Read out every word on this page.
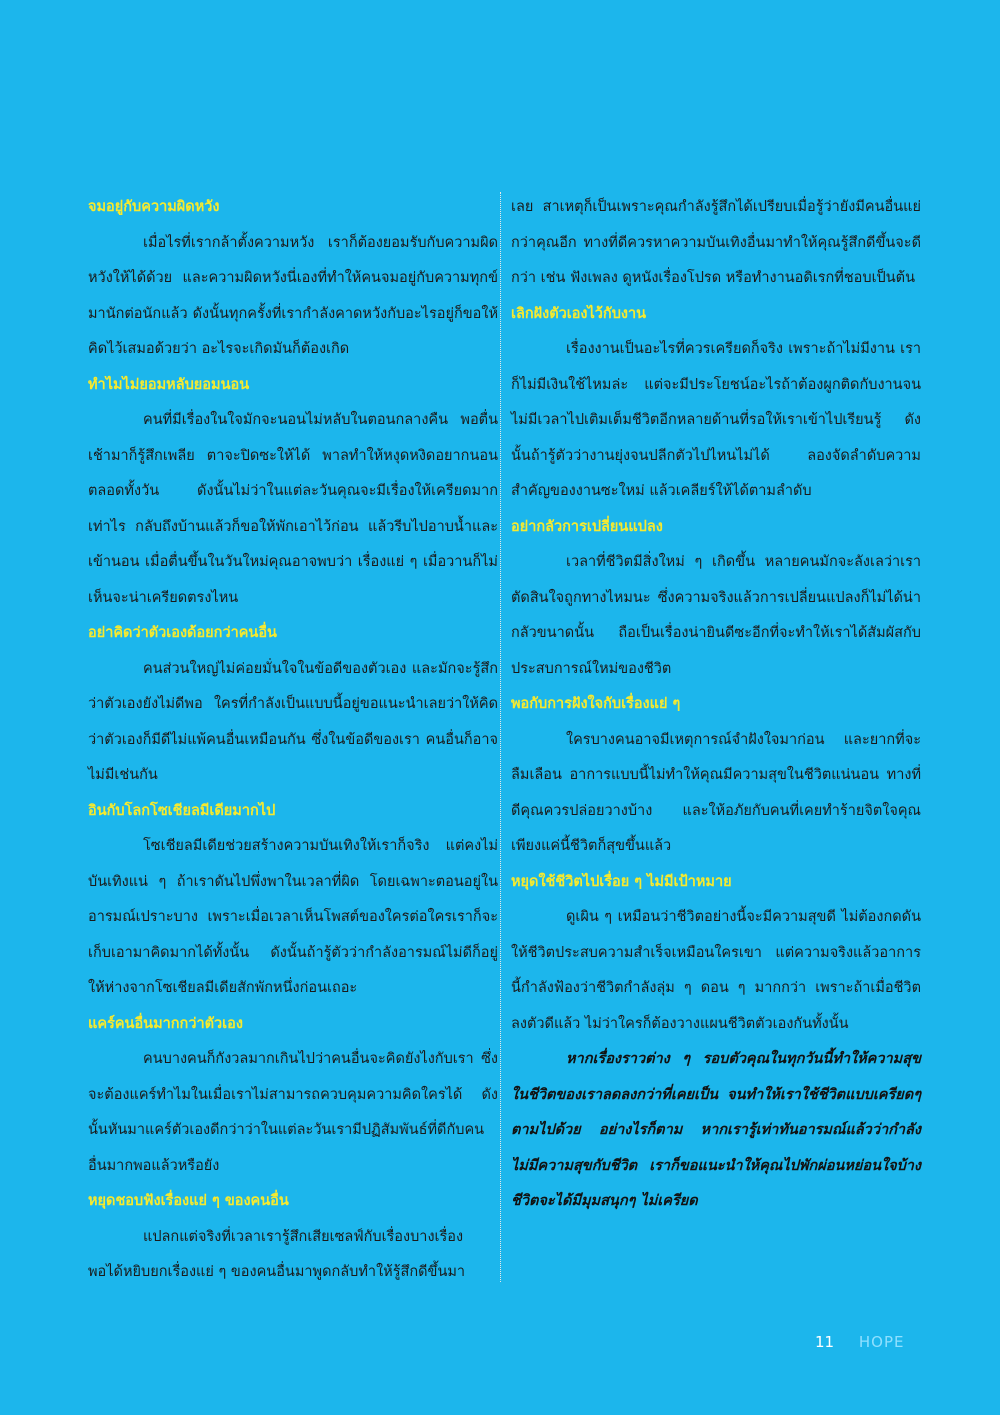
จมอยู่กับความผิดหวัง

เมื่อไรที่เรากล้าตั้งความหวัง เราก็ต้องยอมรับกับความผิดหวังให้ได้ด้วย และความผิดหวังนี่เองที่ทำให้คนจมอยู่กับความทุกข์มานักต่อนักแล้ว ดังนั้นทุกครั้งที่เรากำลังคาดหวังกับอะไรอยู่ก็ขอให้คิดไว้เสมอด้วยว่า อะไรจะเกิดมันก็ต้องเกิด

ทำไมไม่ยอมหลับยอมนอน

คนที่มีเรื่องในใจมักจะนอนไม่หลับในตอนกลางคืน พอตื่นเช้ามาก็รู้สึกเพลีย ตาจะปิดซะให้ได้ พาลทำให้หงุดหงิดอยากนอนตลอดทั้งวัน ดังนั้นไม่ว่าในแต่ละวันคุณจะมีเรื่องให้เครียดมากเท่าไร กลับถึงบ้านแล้วก็ขอให้พักเอาไว้ก่อน แล้วรีบไปอาบน้ำและเข้านอน เมื่อตื่นขึ้นในวันใหม่คุณอาจพบว่า เรื่องแย่ ๆ เมื่อวานก็ไม่เห็นจะน่าเครียดตรงไหน

อย่าคิดว่าตัวเองด้อยกว่าคนอื่น

คนส่วนใหญ่ไม่ค่อยมั่นใจในข้อดีของตัวเอง และมักจะรู้สึกว่าตัวเองยังไม่ดีพอ ใครที่กำลังเป็นแบบนี้อยู่ขอแนะนำเลยว่าให้คิดว่าตัวเองก็มีดีไม่แพ้คนอื่นเหมือนกัน ซึ่งในข้อดีของเรา คนอื่นก็อาจไม่มีเช่นกัน

อินกับโลกโซเชียลมีเดียมากไป

โซเชียลมีเดียช่วยสร้างความบันเทิงให้เราก็จริง แต่คงไม่บันเทิงแน่ ๆ ถ้าเราดันไปพึ่งพาในเวลาที่ผิด โดยเฉพาะตอนอยู่ในอารมณ์เปราะบาง เพราะเมื่อเวลาเห็นโพสต์ของใครต่อใครเราก็จะเก็บเอามาคิดมากได้ทั้งนั้น ดังนั้นถ้ารู้ตัวว่ากำลังอารมณ์ไม่ดีก็อยู่ให้ห่างจากโซเชียลมีเดียสักพักหนึ่งก่อนเถอะ

แคร์คนอื่นมากกว่าตัวเอง

คนบางคนก็กังวลมากเกินไปว่าคนอื่นจะคิดยังไงกับเรา ซึ่งจะต้องแคร์ทำไมในเมื่อเราไม่สามารถควบคุมความคิดใครได้ ดังนั้นหันมาแคร์ตัวเองดีกว่าว่าในแต่ละวันเรามีปฏิสัมพันธ์ที่ดีกับคนอื่นมากพอแล้วหรือยัง

หยุดชอบฟังเรื่องแย่ ๆ ของคนอื่น

แปลกแต่จริงที่เวลาเรารู้สึกเสียเซลฟ์กับเรื่องบางเรื่องพอได้หยิบยกเรื่องแย่ ๆ ของคนอื่นมาพูดกลับทำให้รู้สึกดีขึ้นมา

เลย สาเหตุก็เป็นเพราะคุณกำลังรู้สึกได้เปรียบเมื่อรู้ว่ายังมีคนอื่นแย่กว่าคุณอีก ทางที่ดีควรหาความบันเทิงอื่นมาทำให้คุณรู้สึกดีขึ้นจะดีกว่า เช่น ฟังเพลง ดูหนังเรื่องโปรด หรือทำงานอดิเรกที่ชอบเป็นต้น

เลิกฝังตัวเองไว้กับงาน

เรื่องงานเป็นอะไรที่ควรเครียดก็จริง เพราะถ้าไม่มีงาน เราก็ไม่มีเงินใช้ไหมล่ะ แต่จะมีประโยชน์อะไรถ้าต้องผูกติดกับงานจนไม่มีเวลาไปเติมเต็มชีวิตอีกหลายด้านที่รอให้เราเข้าไปเรียนรู้ ดังนั้นถ้ารู้ตัวว่างานยุ่งจนปลีกตัวไปไหนไม่ได้ ลองจัดลำดับความสำคัญของงานซะใหม่ แล้วเคลียร์ให้ได้ตามลำดับ

อย่ากลัวการเปลี่ยนแปลง

เวลาที่ชีวิตมีสิ่งใหม่ ๆ เกิดขึ้น หลายคนมักจะลังเลว่าเราตัดสินใจถูกทางไหมนะ ซึ่งความจริงแล้วการเปลี่ยนแปลงก็ไม่ได้น่ากลัวขนาดนั้น ถือเป็นเรื่องน่ายินดีซะอีกที่จะทำให้เราได้สัมผัสกับประสบการณ์ใหม่ของชีวิต

พอกับการฝังใจกับเรื่องแย่ ๆ

ใครบางคนอาจมีเหตุการณ์จำฝังใจมาก่อน และยากที่จะลืมเลือน อาการแบบนี้ไม่ทำให้คุณมีความสุขในชีวิตแน่นอน ทางที่ดีคุณควรปล่อยวางบ้าง และให้อภัยกับคนที่เคยทำร้ายจิตใจคุณเพียงแค่นี้ชีวิตก็สุขขึ้นแล้ว

หยุดใช้ชีวิตไปเรื่อย ๆ ไม่มีเป้าหมาย

ดูเผิน ๆ เหมือนว่าชีวิตอย่างนี้จะมีความสุขดี ไม่ต้องกดดันให้ชีวิตประสบความสำเร็จเหมือนใครเขา แต่ความจริงแล้วอาการนี้กำลังฟ้องว่าชีวิตกำลังลุ่ม ๆ ดอน ๆ มากกว่า เพราะถ้าเมื่อชีวิตลงตัวดีแล้ว ไม่ว่าใครก็ต้องวางแผนชีวิตตัวเองกันทั้งนั้น

หากเรื่องราวต่าง ๆ รอบตัวคุณในทุกวันนี้ทำให้ความสุขในชีวิตของเราลดลงกว่าที่เคยเป็น จนทำให้เราใช้ชีวิตแบบเครียดๆ ตามไปด้วย อย่างไรก็ตาม หากเรารู้เท่าทันอารมณ์แล้วว่ากำลังไม่มีความสุขกับชีวิต เราก็ขอแนะนำให้คุณไปพักผ่อนหย่อนใจบ้าง ชีวิตจะได้มีมุมสนุกๆ ไม่เครียด

11 HOPE
